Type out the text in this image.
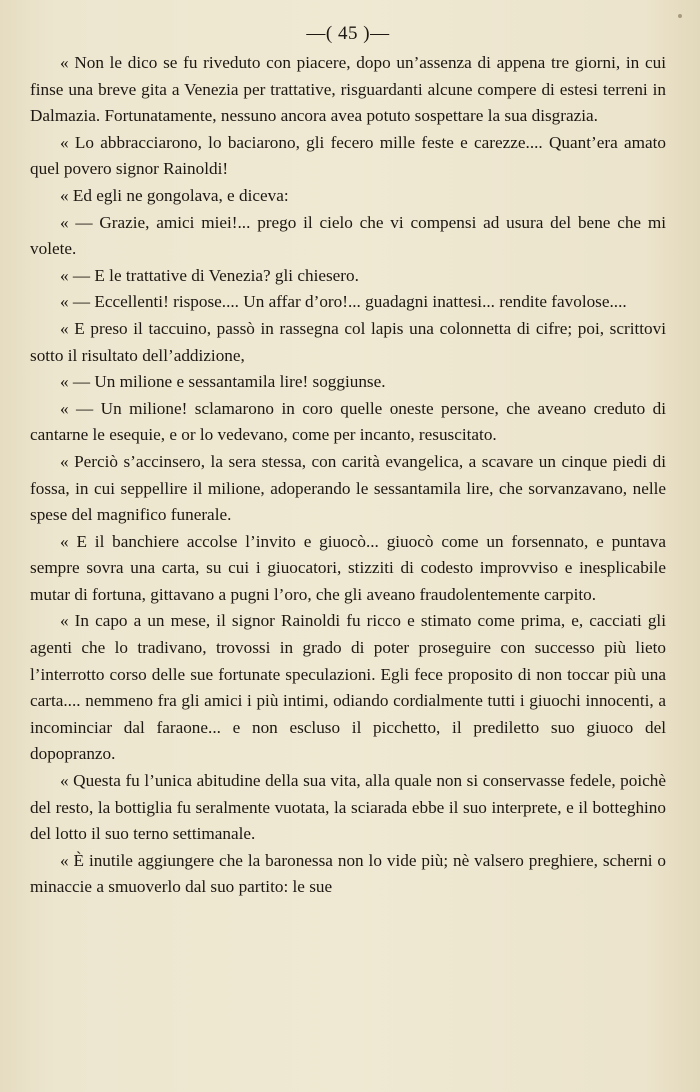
—( 45 )—

« Non le dico se fu riveduto con piacere, dopo un’assenza di appena tre giorni, in cui finse una breve gita a Venezia per trattative, risguardanti alcune compere di estesi terreni in Dalmazia. Fortunatamente, nessuno ancora avea potuto sospettare la sua disgrazia.

« Lo abbracciarono, lo baciarono, gli fecero mille feste e carezze.... Quant’era amato quel povero signor Rainoldi!

« Ed egli ne gongolava, e diceva:

« — Grazie, amici miei!... prego il cielo che vi compensi ad usura del bene che mi volete.

« — E le trattative di Venezia? gli chiesero.

« — Eccellenti! rispose.... Un affar d’oro!... guadagni inattesi... rendite favolose....

« E preso il taccuino, passò in rassegna col lapis una colonnetta di cifre; poi, scrittovi sotto il risultato dell’addizione,

« — Un milione e sessantamila lire! soggiunse.

« — Un milione! sclamarono in coro quelle oneste persone, che aveano creduto di cantarne le esequie, e or lo vedevano, come per incanto, resuscitato.

« Perciò s’accinsero, la sera stessa, con carità evangelica, a scavare un cinque piedi di fossa, in cui seppellire il milione, adoperando le sessantamila lire, che sorvanzavano, nelle spese del magnifico funerale.

« E il banchiere accolse l’invito e giuocò... giuocò come un forsennato, e puntava sempre sovra una carta, su cui i giuocatori, stizziti di codesto improvviso e inesplicabile mutar di fortuna, gittavano a pugni l’oro, che gli aveano fraudolentemente carpito.

« In capo a un mese, il signor Rainoldi fu ricco e stimato come prima, e, cacciati gli agenti che lo tradivano, trovossi in grado di poter proseguire con successo più lieto l’interrotto corso delle sue fortunate speculazioni. Egli fece proposito di non toccar più una carta.... nemmeno fra gli amici i più intimi, odiando cordialmente tutti i giuochi innocenti, a incominciar dal faraone... e non escluso il picchetto, il prediletto suo giuoco del dopopranzo.

« Questa fu l’unica abitudine della sua vita, alla quale non si conservasse fedele, poichè del resto, la bottiglia fu seralmente vuotata, la sciarada ebbe il suo interprete, e il botteghino del lotto il suo terno settimanale.

« È inutile aggiungere che la baronessa non lo vide più; nè valsero preghiere, scherni o minaccie a smuoverlo dal suo partito: le sue
